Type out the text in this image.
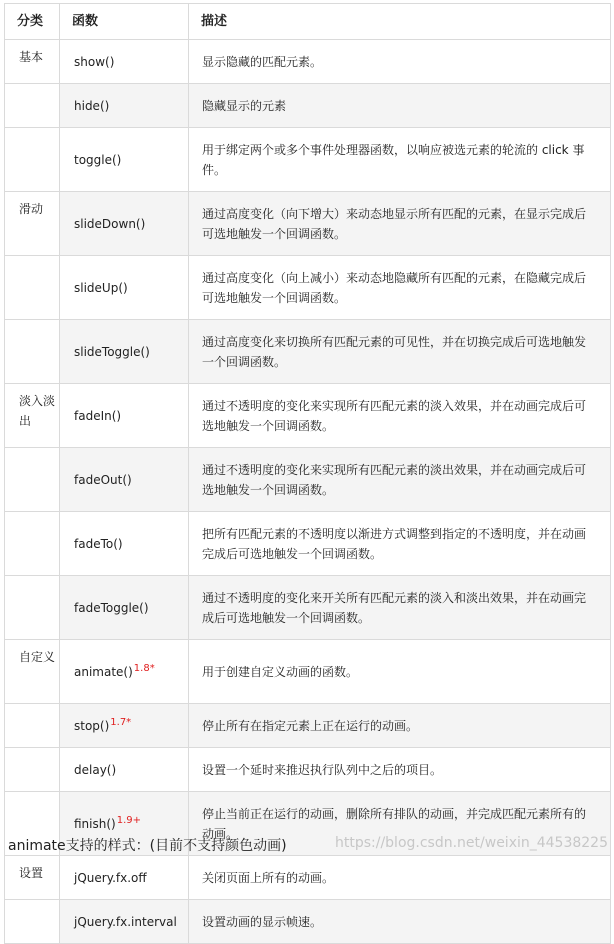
分类	函数	描述
基本	show()	显示隐藏的匹配元素。
	hide()	隐藏显示的元素
	toggle()	用于绑定两个或多个事件处理器函数，以响应被选元素的轮流的 click 事件。
滑动	slideDown()	通过高度变化（向下增大）来动态地显示所有匹配的元素，在显示完成后可选地触发一个回调函数。
	slideUp()	通过高度变化（向上减小）来动态地隐藏所有匹配的元素，在隐藏完成后可选地触发一个回调函数。
	slideToggle()	通过高度变化来切换所有匹配元素的可见性，并在切换完成后可选地触发一个回调函数。
淡入淡出	fadeIn()	通过不透明度的变化来实现所有匹配元素的淡入效果，并在动画完成后可选地触发一个回调函数。
	fadeOut()	通过不透明度的变化来实现所有匹配元素的淡出效果，并在动画完成后可选地触发一个回调函数。
	fadeTo()	把所有匹配元素的不透明度以渐进方式调整到指定的不透明度，并在动画完成后可选地触发一个回调函数。
	fadeToggle()	通过不透明度的变化来开关所有匹配元素的淡入和淡出效果，并在动画完成后可选地触发一个回调函数。
自定义	animate()$^{1.8*}$	用于创建自定义动画的函数。
	stop()$^{1.7*}$	停止所有在指定元素上正在运行的动画。
	delay()	设置一个延时来推迟执行队列中之后的项目。
	finish()$^{1.9+}$	停止当前正在运行的动画，删除所有排队的动画，并完成匹配元素所有的动画。
设置	jQuery.fx.off	关闭页面上所有的动画。
	jQuery.fx.interval	设置动画的显示帧速。
animate支持的样式：(目前不支持颜色动画)	https://blog.csdn.net/weixin_44538225
